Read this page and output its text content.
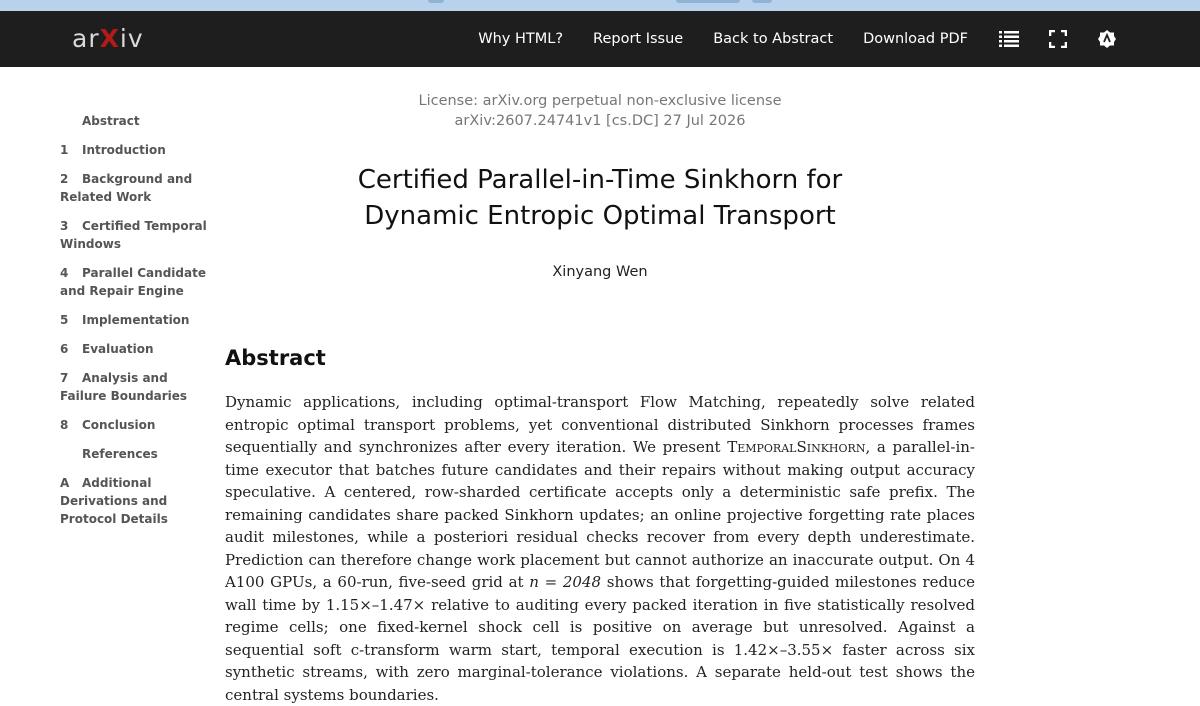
arXiv	Why HTML? Report Issue Back to Abstract Download PDF
Abstract
1 Introduction
2 Background and Related Work
3 Certified Temporal Windows
4 Parallel Candidate and Repair Engine
5 Implementation
6 Evaluation
7 Analysis and Failure Boundaries
8 Conclusion
References
A Additional Derivations and Protocol Details
License: arXiv.org perpetual non-exclusive license
arXiv:2607.24741v1 [cs.DC] 27 Jul 2026
Certified Parallel-in-Time Sinkhorn for Dynamic Entropic Optimal Transport
Xinyang Wen
Abstract

Dynamic applications, including optimal-transport Flow Matching, repeatedly solve related entropic optimal transport problems, yet conventional distributed Sinkhorn processes frames sequentially and synchronizes after every iteration. We present TemporalSinkhorn, a parallel-in-time executor that batches future candidates and their repairs without making output accuracy speculative. A centered, row-sharded certificate accepts only a deterministic safe prefix. The remaining candidates share packed Sinkhorn updates; an online projective forgetting rate places audit milestones, while a posteriori residual checks recover from every depth underestimate. Prediction can therefore change work placement but cannot authorize an inaccurate output. On 4 A100 GPUs, a 60-run, five-seed grid at n = 2048 shows that forgetting-guided milestones reduce wall time by 1.15×–1.47× relative to auditing every packed iteration in five statistically resolved regime cells; one fixed-kernel shock cell is positive on average but unresolved. Against a sequential soft c-transform warm start, temporal execution is 1.42×–3.55× faster across six synthetic streams, with zero marginal-tolerance violations. A separate held-out test shows the central systems boundaries.
